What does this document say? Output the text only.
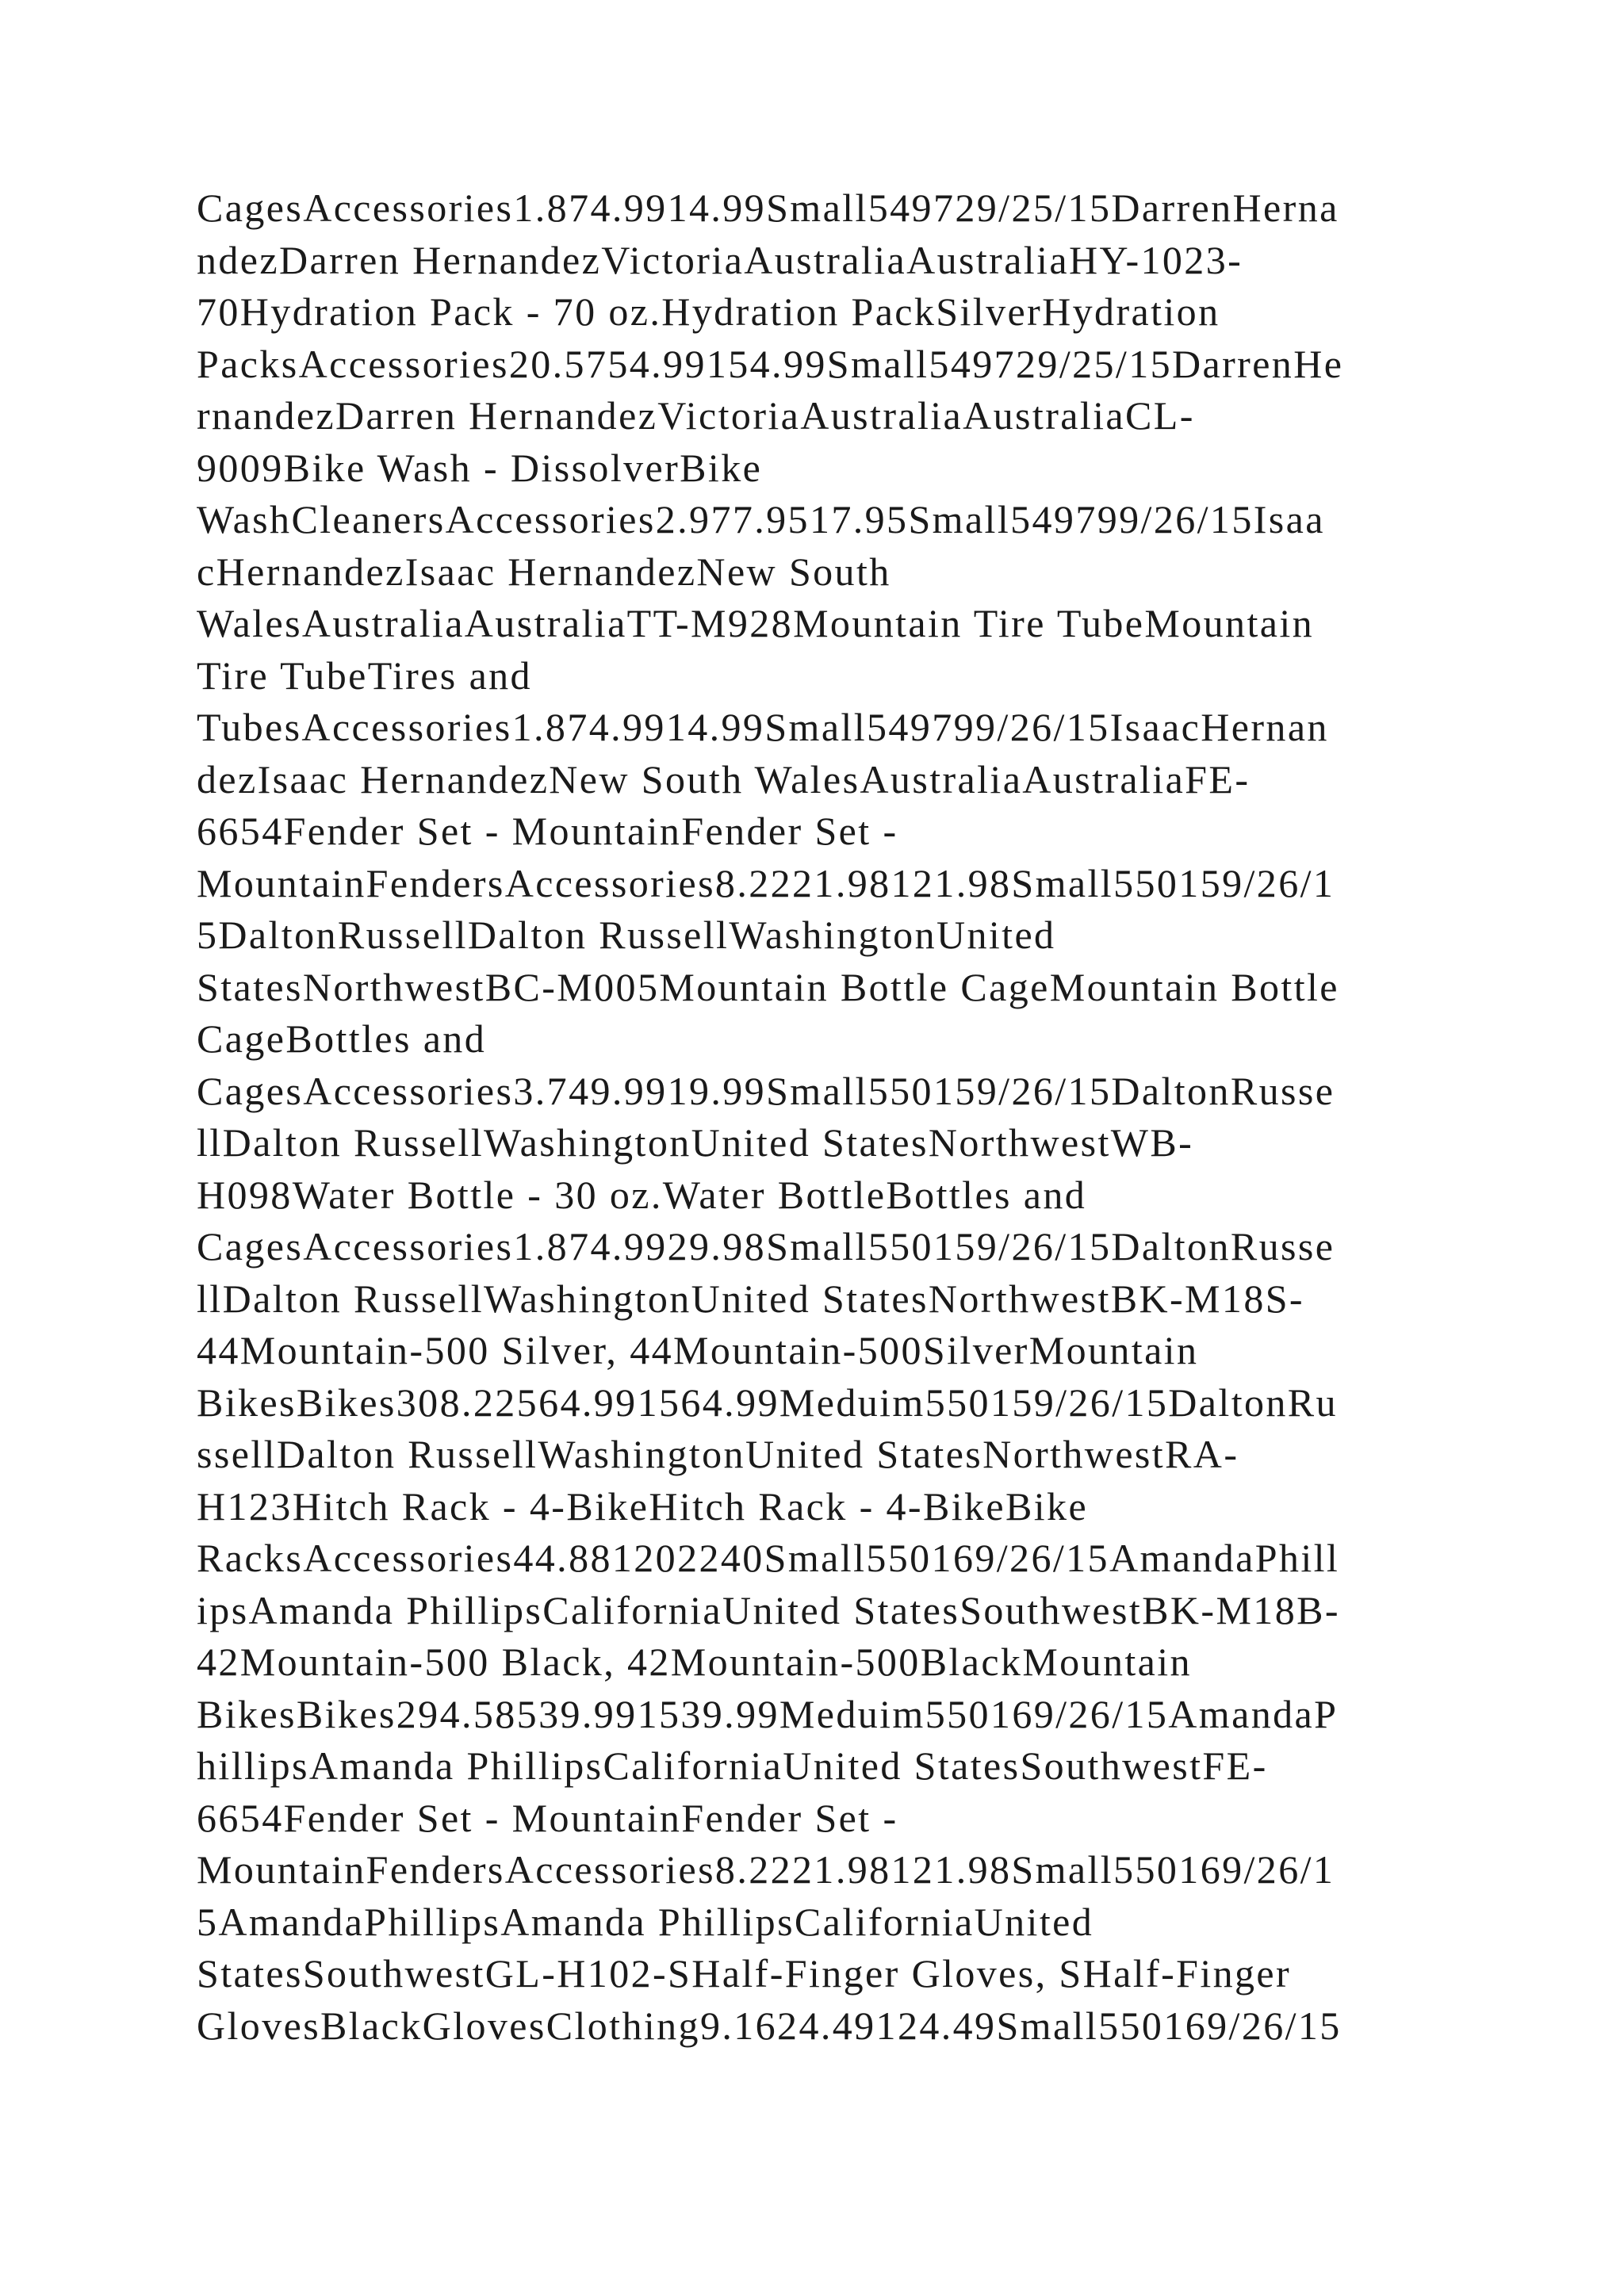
CagesAccessories1.874.9914.99Small549729/25/15DarrenHerna
ndezDarren HernandezVictoriaAustraliaAustraliaHY-1023-
70Hydration Pack - 70 oz.Hydration PackSilverHydration
PacksAccessories20.5754.99154.99Small549729/25/15DarrenHe
rnandezDarren HernandezVictoriaAustraliaAustraliaCL-
9009Bike Wash - DissolverBike
WashCleanersAccessories2.977.9517.95Small549799/26/15Isaa
cHernandezIsaac HernandezNew South
WalesAustraliaAustraliaTT-M928Mountain Tire TubeMountain
Tire TubeTires and
TubesAccessories1.874.9914.99Small549799/26/15IsaacHernan
dezIsaac HernandezNew South WalesAustraliaAustraliaFE-
6654Fender Set - MountainFender Set -
MountainFendersAccessories8.2221.98121.98Small550159/26/1
5DaltonRussellDalton RussellWashingtonUnited
StatesNorthwestBC-M005Mountain Bottle CageMountain Bottle
CageBottles and
CagesAccessories3.749.9919.99Small550159/26/15DaltonRusse
llDalton RussellWashingtonUnited StatesNorthwestWB-
H098Water Bottle - 30 oz.Water BottleBottles and
CagesAccessories1.874.9929.98Small550159/26/15DaltonRusse
llDalton RussellWashingtonUnited StatesNorthwestBK-M18S-
44Mountain-500 Silver, 44Mountain-500SilverMountain
BikesBikes308.22564.991564.99Meduim550159/26/15DaltonRu
ssellDalton RussellWashingtonUnited StatesNorthwestRA-
H123Hitch Rack - 4-BikeHitch Rack - 4-BikeBike
RacksAccessories44.881202240Small550169/26/15AmandaPhill
ipsAmanda PhillipsCaliforniaUnited StatesSouthwestBK-M18B-
42Mountain-500 Black, 42Mountain-500BlackMountain
BikesBikes294.58539.991539.99Meduim550169/26/15AmandaP
hillipsAmanda PhillipsCaliforniaUnited StatesSouthwestFE-
6654Fender Set - MountainFender Set -
MountainFendersAccessories8.2221.98121.98Small550169/26/1
5AmandaPhillipsAmanda PhillipsCaliforniaUnited
StatesSouthwestGL-H102-SHalf-Finger Gloves, SHalf-Finger
GlovesBlackGlovesClothing9.1624.49124.49Small550169/26/15
